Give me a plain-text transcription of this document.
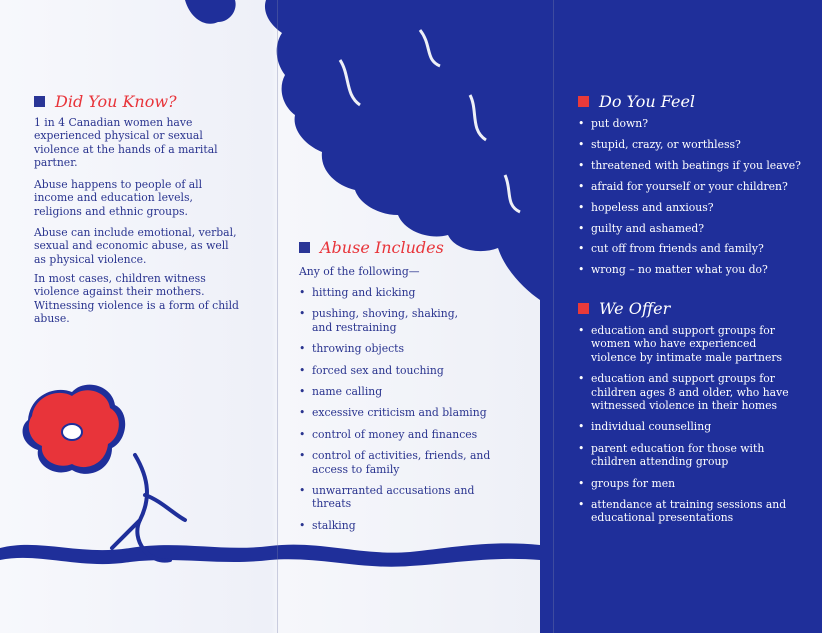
Did You Know?

1 in 4 Canadian women have experienced physical or sexual violence at the hands of a marital partner.

Abuse happens to people of all income and education levels, religions and ethnic groups.

Abuse can include emotional, verbal, sexual and economic abuse, as well as physical violence.

In most cases, children witness violence against their mothers. Witnessing violence is a form of child abuse.

Abuse Includes
Any of the following—
• hitting and kicking
• pushing, shoving, shaking, and restraining
• throwing objects
• forced sex and touching
• name calling
• excessive criticism and blaming
• control of money and finances
• control of activities, friends, and access to family
• unwarranted accusations and threats
• stalking
Do You Feel
• put down?
• stupid, crazy, or worthless?
• threatened with beatings if you leave?
• afraid for yourself or your children?
• hopeless and anxious?
• guilty and ashamed?
• cut off from friends and family?
• wrong – no matter what you do?
We Offer
• education and support groups for women who have experienced violence by intimate male partners
• education and support groups for children ages 8 and older, who have witnessed violence in their homes
• individual counselling
• parent education for those with children attending group
• groups for men
• attendance at training sessions and educational presentations
